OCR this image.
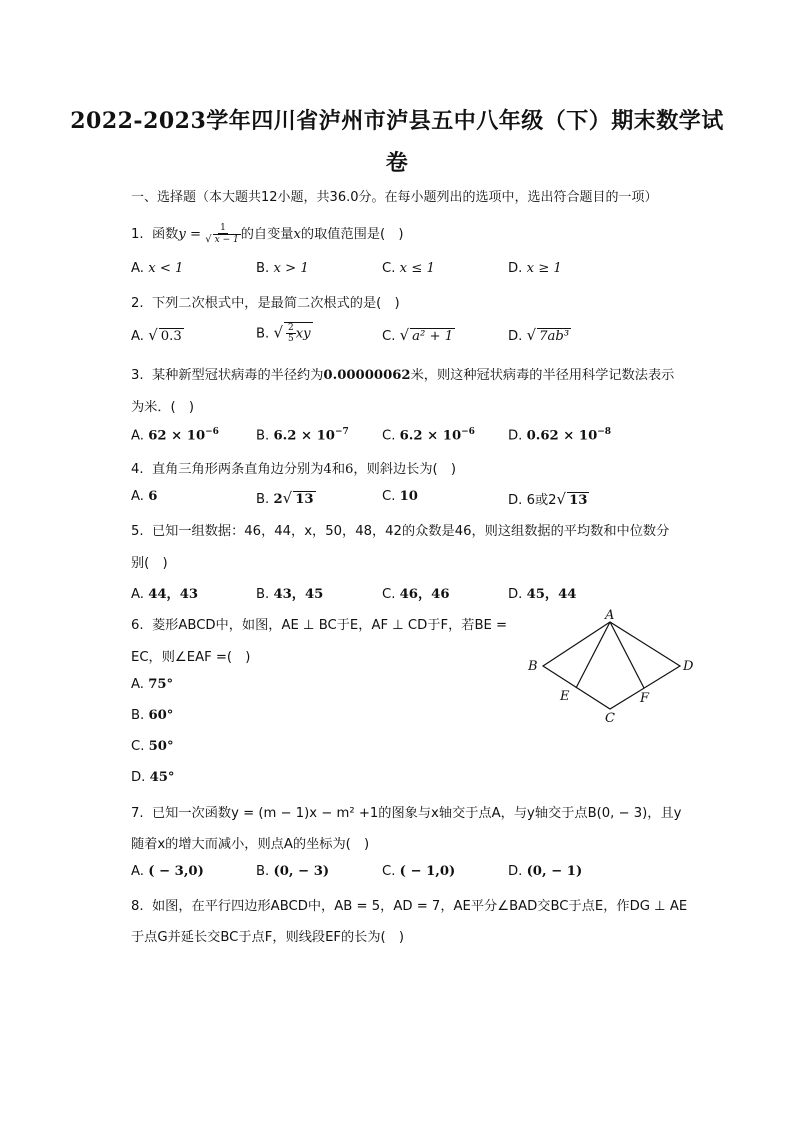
2022-2023学年四川省泸州市泸县五中八年级（下）期末数学试
卷
一、选择题（本大题共12小题，共36.0分。在每小题列出的选项中，选出符合题目的一项）
1. 函数$y = \frac{1}{√ x - 1}$ 的自变量x的取值范围是(　)
A. x < 1	B. x > 1	C. x ≤ 1	D. x ≥ 1
2. 下列二次根式中，是最简二次根式的是(　)
A. √ 0.3	B. √ $\frac{2}{5}$ xy	C. √ a² + 1	D. √ 7ab³
3. 某种新型冠状病毒的半径约为0.00000062米，则这种冠状病毒的半径用科学记数法表示
为米．(　)
A. $62 \times 10^{-6}$	B. $6.2 \times 10^{-7}$	C. $6.2 \times 10^{-6}$	D. $0.62 \times 10^{-8}$
4. 直角三角形两条直角边分别为4和6，则斜边长为(　)
A. 6	B. 2√ 13	C. 10	D. 6或2√ 13
5. 已知一组数据：46，44，x，50，48，42的众数是46，则这组数据的平均数和中位数分
别(　)
A. 44，43	B. 43，45	C. 46，46	D. 45，44
6. 菱形ABCD中，如图，AE ⊥ BC于E，AF ⊥ CD于F，若BE =
EC，则∠EAF =(　)
A. 75°
B. 60°
C. 50°
D. 45°
A
B
C
D
E	F
7. 已知一次函数y = (m − 1)x − m² +1的图象与x轴交于点A，与y轴交于点B(0, − 3)，且y
随着x的增大而减小，则点A的坐标为(　)
A. ( − 3,0)	B. (0, − 3)	C. ( − 1,0)	D. (0, − 1)
8. 如图，在平行四边形ABCD中，AB = 5，AD = 7，AE平分∠BAD交BC于点E，作DG ⊥ AE
于点G并延长交BC于点F，则线段EF的长为(　)
